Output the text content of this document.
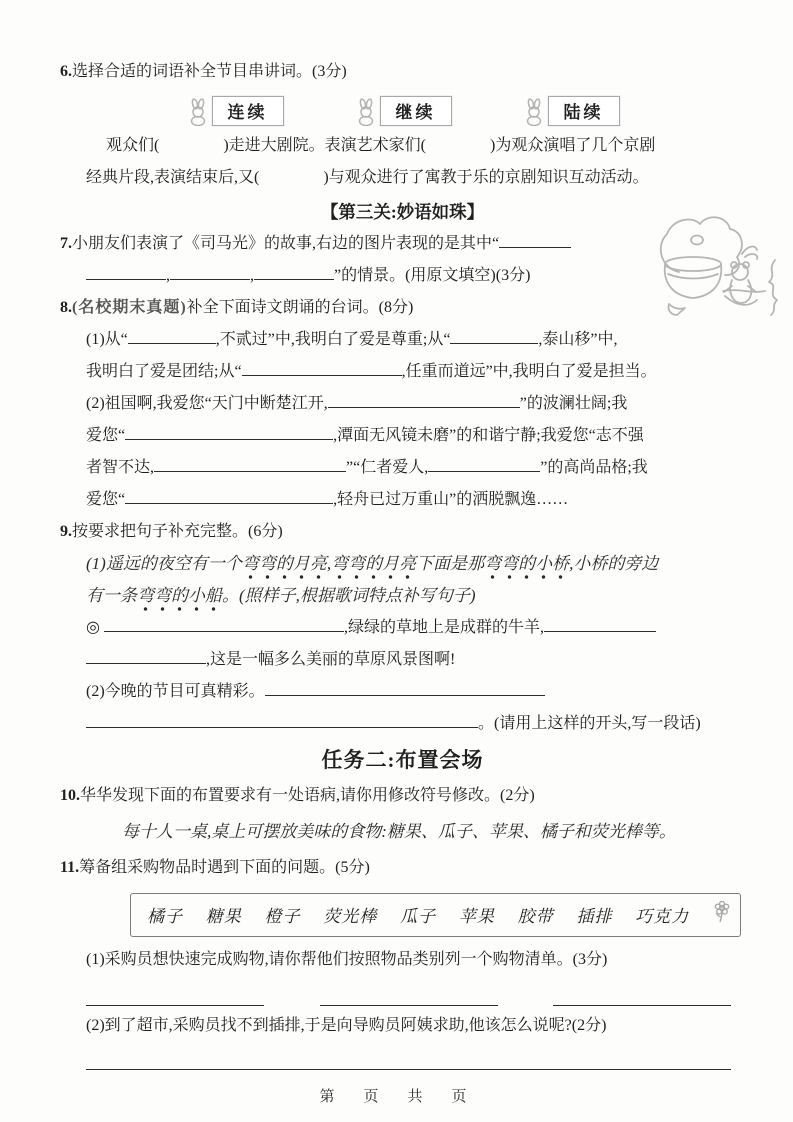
6.选择合适的词语补全节目串讲词。(3分)
连续	继续	陆续
观众们(　　　　)走进大剧院。表演艺术家们(　　　　)为观众演唱了几个京剧
经典片段,表演结束后,又(　　　　)与观众进行了寓教于乐的京剧知识互动活动。
【第三关:妙语如珠】
7.小朋友们表演了《司马光》的故事,右边的图片表现的是其中“
,	,	”的情景。(用原文填空)(3分)
8.(名校期末真题)补全下面诗文朗诵的台词。(8分)
(1)从“	,不贰过”中,我明白了爱是尊重;从“	,泰山移”中,
我明白了爱是团结;从“	,任重而道远”中,我明白了爱是担当。
(2)祖国啊,我爱您“天门中断楚江开,	”的波澜壮阔;我
爱您“	,潭面无风镜未磨”的和谐宁静;我爱您“志不强
者智不达,	”“仁者爱人,	”的高尚品格;我
爱您“	,轻舟已过万重山”的洒脱飘逸……
9.按要求把句子补充完整。(6分)
(1)遥远的夜空有一个弯弯的月亮,弯弯的月亮下面是那弯弯的小桥,小桥的旁边
有一条弯弯的小船。(照样子,根据歌词特点补写句子)
◎	,绿绿的草地上是成群的牛羊,
,这是一幅多么美丽的草原风景图啊!
(2)今晚的节目可真精彩。
。(请用上这样的开头,写一段话)
任务二:布置会场
10.华华发现下面的布置要求有一处语病,请你用修改符号修改。(2分)
每十人一桌,桌上可摆放美味的食物:糖果、瓜子、苹果、橘子和荧光棒等。
11.筹备组采购物品时遇到下面的问题。(5分)
橘子 糖果 橙子 荧光棒 瓜子 苹果 胶带 插排 巧克力
(1)采购员想快速完成购物,请你帮他们按照物品类别列一个购物清单。(3分)
(2)到了超市,采购员找不到插排,于是向导购员阿姨求助,他该怎么说呢?(2分)
第　页　共　页
